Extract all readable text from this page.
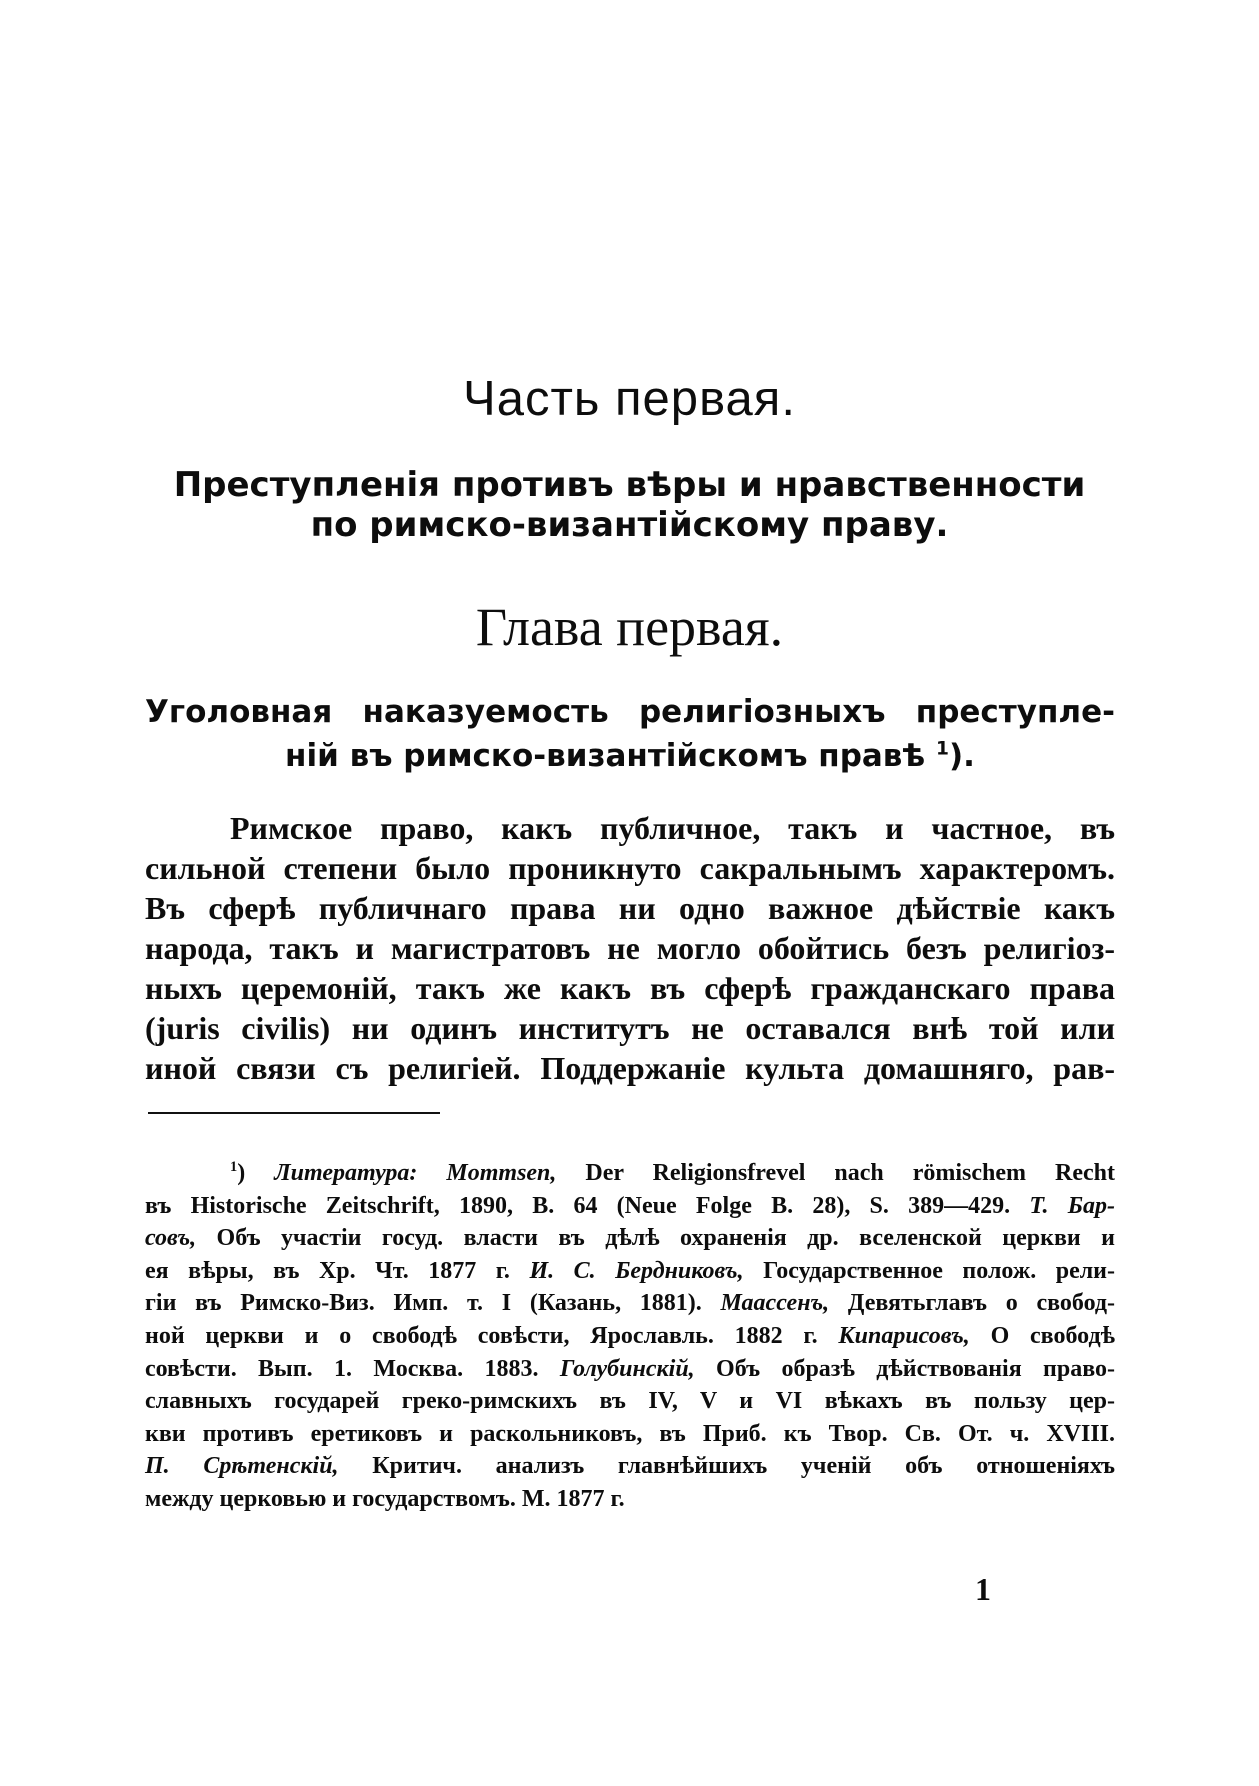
Часть первая.
Преступленія противъ вѣры и нравственности
по римско-византійскому праву.
Глава первая.
Уголовная наказуемость религіозныхъ преступле-
ній въ римско-византійскомъ правѣ $^1$).
Римское право, какъ публичное, такъ и частное, въ
сильной степени было проникнуто сакральнымъ характеромъ.
Въ сферѣ публичнаго права ни одно важное дѣйствіе какъ
народа, такъ и магистратовъ не могло обойтись безъ религіоз-
ныхъ церемоній, такъ же какъ въ сферѣ гражданскаго права
(juris civilis) ни одинъ институтъ не оставался внѣ той или
иной связи съ религіей. Поддержаніе культа домашняго, рав-
$^1$) Литература: Mommsen, Der Religionsfrevel nach römischem Recht
въ Historische Zeitschrift, 1890, B. 64 (Neue Folge B. 28), S. 389—429. Т. Бар-
совъ, Объ участіи госуд. власти въ дѣлѣ охраненія др. вселенской церкви и
ея вѣры, въ Хр. Чт. 1877 г. И. С. Бердниковъ, Государственное полож. рели-
гіи въ Римско-Виз. Имп. т. I (Казань, 1881). Маассенъ, Девятьглавъ о свобод-
ной церкви и о свободѣ совѣсти, Ярославль. 1882 г. Кипарисовъ, О свободѣ
совѣсти. Вып. 1. Москва. 1883. Голубинскій, Объ образѣ дѣйствованія право-
славныхъ государей греко-римскихъ въ IV, V и VI вѣкахъ въ пользу цер-
кви противъ еретиковъ и раскольниковъ, въ Приб. къ Твор. Св. От. ч. XVIII.
П. Срѣтенскій, Критич. анализъ главнѣйшихъ ученій объ отношеніяхъ
между церковью и государствомъ. М. 1877 г.
1
